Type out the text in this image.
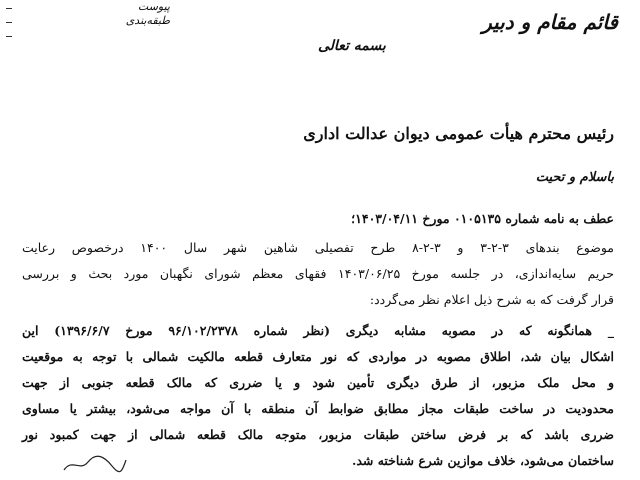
قائم مقام و دبیر
پیوست
طبقه‌بندی
بسمه تعالی
رئیس محترم هیأت عمومی دیوان عدالت اداری
باسلام و تحیت
عطف به نامه شماره ۰۱۰۵۱۳۵ مورخ ۱۴۰۳/۰۴/۱۱؛
موضوع بندهای ۳-۲-۳ و ۳-۲-۸ طرح تفصیلی شاهین شهر سال ۱۴۰۰ درخصوص رعایت
حریم سایه‌اندازی، در جلسه مورخ ۱۴۰۳/۰۶/۲۵ فقهای معظم شورای نگهبان مورد بحث و بررسی
قرار گرفت که به شرح ذیل اعلام نظر می‌گردد:
_ همانگونه که در مصوبه مشابه دیگری (نظر شماره ۹۶/۱۰۲/۲۳۷۸ مورخ ۱۳۹۶/۶/۷) این
اشکال بیان شد، اطلاق مصوبه در مواردی که نور متعارف قطعه مالکیت شمالی با توجه به موقعیت
و محل ملک مزبور، از طرق دیگری تأمین شود و یا ضرری که مالک قطعه جنوبی از جهت
محدودیت در ساخت طبقات مجاز مطابق ضوابط آن منطقه با آن مواجه می‌شود، بیشتر یا مساوی
ضرری باشد که بر فرض ساختن طبقات مزبور، متوجه مالک قطعه شمالی از جهت کمبود نور
ساختمان می‌شود، خلاف موازین شرع شناخته شد.
